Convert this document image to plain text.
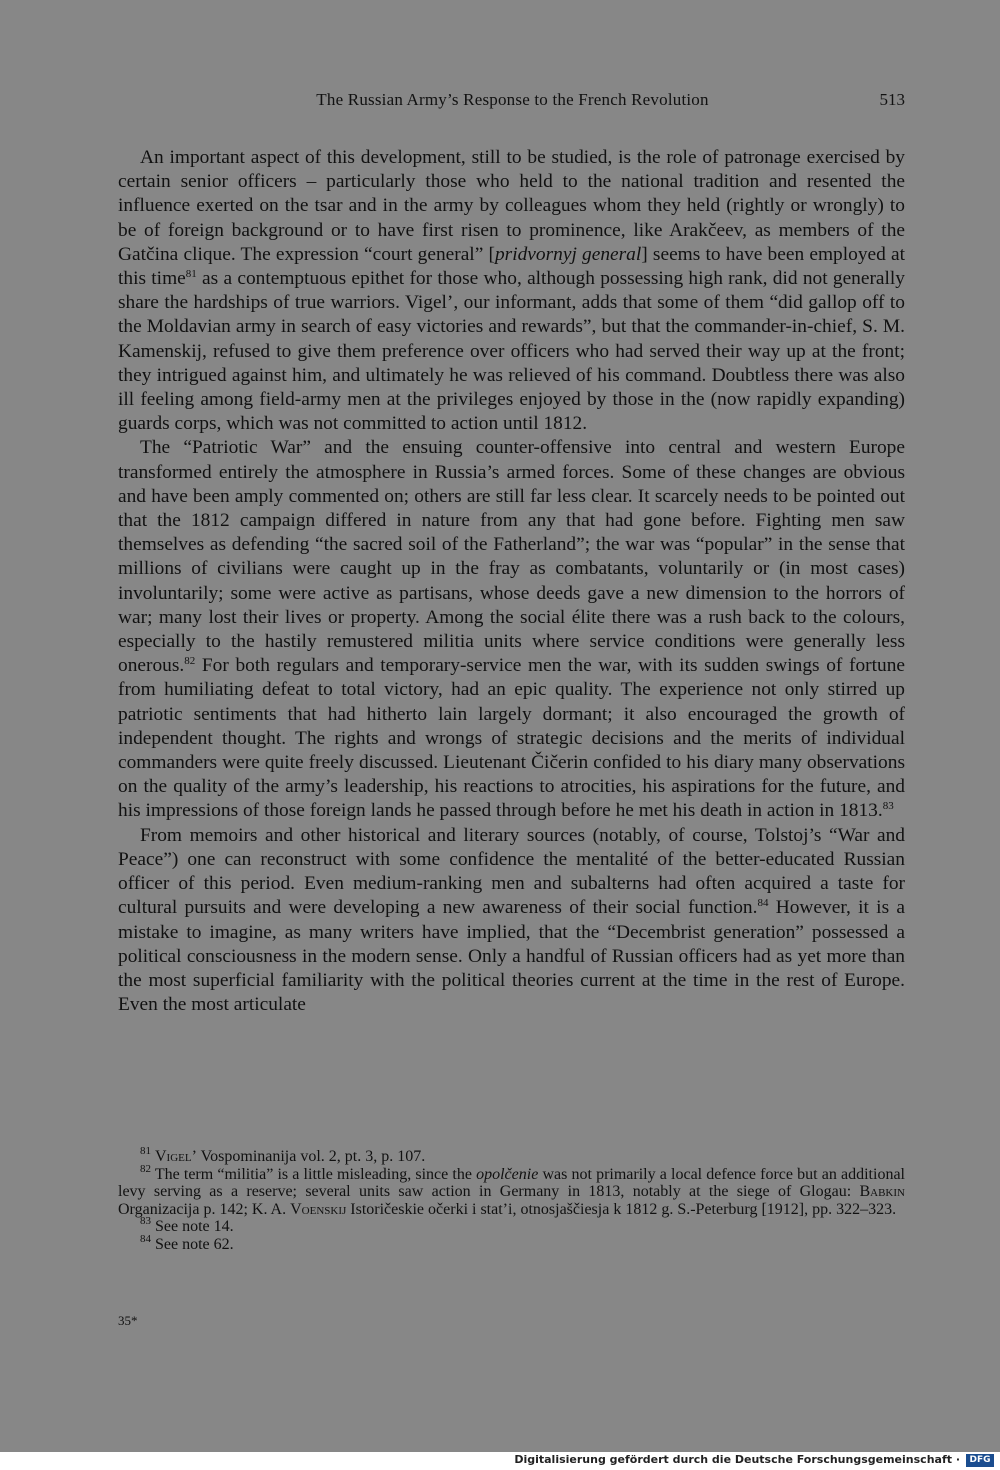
The Russian Army’s Response to the French Revolution	513

An important aspect of this development, still to be studied, is the role of patronage exercised by certain senior officers – particularly those who held to the national tradition and resented the influence exerted on the tsar and in the army by colleagues whom they held (rightly or wrongly) to be of foreign background or to have first risen to prominence, like Arakčeev, as members of the Gatčina clique. The expression “court general” [pridvornyj general] seems to have been employed at this time$^{81}$ as a contemptuous epithet for those who, although possessing high rank, did not generally share the hardships of true warriors. Vigel’, our informant, adds that some of them “did gallop off to the Moldavian army in search of easy victories and rewards”, but that the commander-in-chief, S. M. Kamenskij, refused to give them preference over officers who had served their way up at the front; they intrigued against him, and ultimately he was relieved of his command. Doubtless there was also ill feeling among field-army men at the privileges enjoyed by those in the (now rapidly expanding) guards corps, which was not committed to action until 1812.

The “Patriotic War” and the ensuing counter-offensive into central and western Europe transformed entirely the atmosphere in Russia’s armed forces. Some of these changes are obvious and have been amply commented on; others are still far less clear. It scarcely needs to be pointed out that the 1812 campaign differed in nature from any that had gone before. Fighting men saw themselves as defending “the sacred soil of the Fatherland”; the war was “popular” in the sense that millions of civilians were caught up in the fray as combatants, voluntarily or (in most cases) involuntarily; some were active as partisans, whose deeds gave a new dimension to the horrors of war; many lost their lives or property. Among the social élite there was a rush back to the colours, especially to the hastily remustered militia units where service conditions were generally less onerous.$^{82}$ For both regulars and temporary-service men the war, with its sudden swings of fortune from humiliating defeat to total victory, had an epic quality. The experience not only stirred up patriotic sentiments that had hitherto lain largely dormant; it also encouraged the growth of independent thought. The rights and wrongs of strategic decisions and the merits of individual commanders were quite freely discussed. Lieutenant Čičerin confided to his diary many observations on the quality of the army’s leadership, his reactions to atrocities, his aspirations for the future, and his impressions of those foreign lands he passed through before he met his death in action in 1813.83

From memoirs and other historical and literary sources (notably, of course, Tolstoj’s “War and Peace”) one can reconstruct with some confidence the mentalité of the better-educated Russian officer of this period. Even medium-ranking men and subalterns had often acquired a taste for cultural pursuits and were developing a new awareness of their social function.$^{84}$ However, it is a mistake to imagine, as many writers have implied, that the “Decembrist generation” possessed a political consciousness in the modern sense. Only a handful of Russian officers had as yet more than the most superficial familiarity with the political theories current at the time in the rest of Europe. Even the most articulate

$^{81}$ Vigel’ Vospominanija vol. 2, pt. 3, p. 107.

$^{82}$ The term “militia” is a little misleading, since the opolčenie was not primarily a local defence force but an additional levy serving as a reserve; several units saw action in Germany in 1813, notably at the siege of Glogau: Babkin Organizacija p. 142; K. A. Voenskij Istoričeskie očerki i stat’i, otnosjaščiesja k 1812 g. S.-Peterburg [1912], pp. 322–323.

$^{83}$ See note 14.

$^{84}$ See note 62.

35*
Digitalisierung gefördert durch die Deutsche Forschungsgemeinschaft ·	DFG
